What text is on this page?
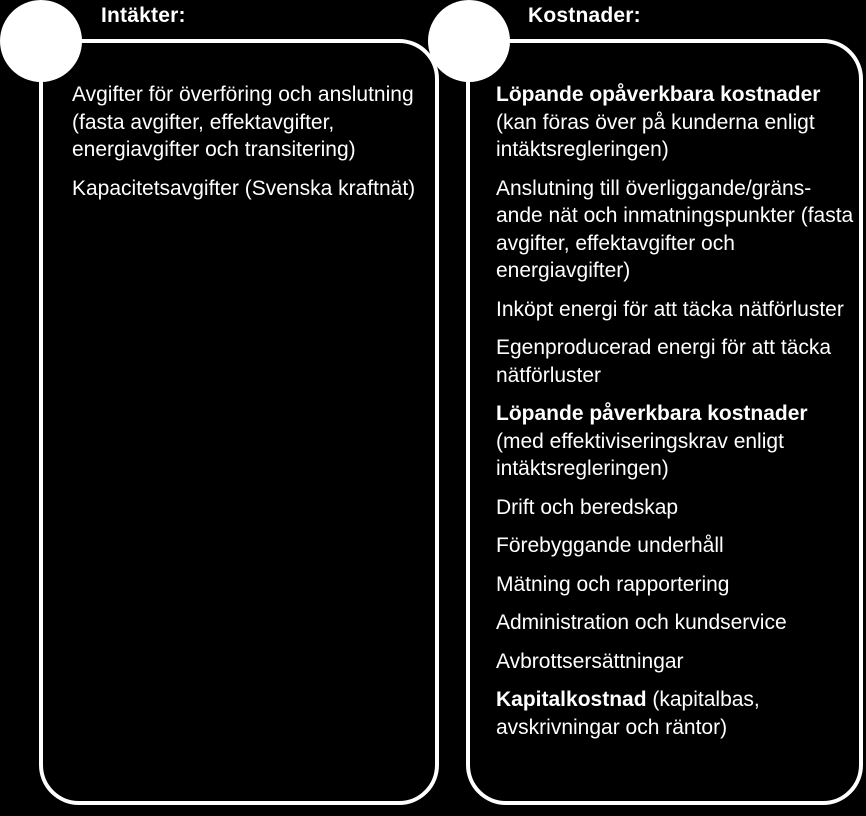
Intäkter:	Kostnader:
Avgifter för överföring och anslutning (fasta avgifter, effektavgifter, energiavgifter och transitering)
Kapacitetsavgifter (Svenska kraftnät)
Löpande opåverkbara kostnader
(kan föras över på kunderna enligt intäktsregleringen)
Anslutning till överliggande/gräns-ande nät och inmatningspunkter (fasta avgifter, effektavgifter och energiavgifter)
Inköpt energi för att täcka nätförluster
Egenproducerad energi för att täcka nätförluster
Löpande påverkbara kostnader
(med effektiviseringskrav enligt intäktsregleringen)
Drift och beredskap
Förebyggande underhåll
Mätning och rapportering
Administration och kundservice
Avbrottsersättningar
Kapitalkostnad (kapitalbas, avskrivningar och räntor)
